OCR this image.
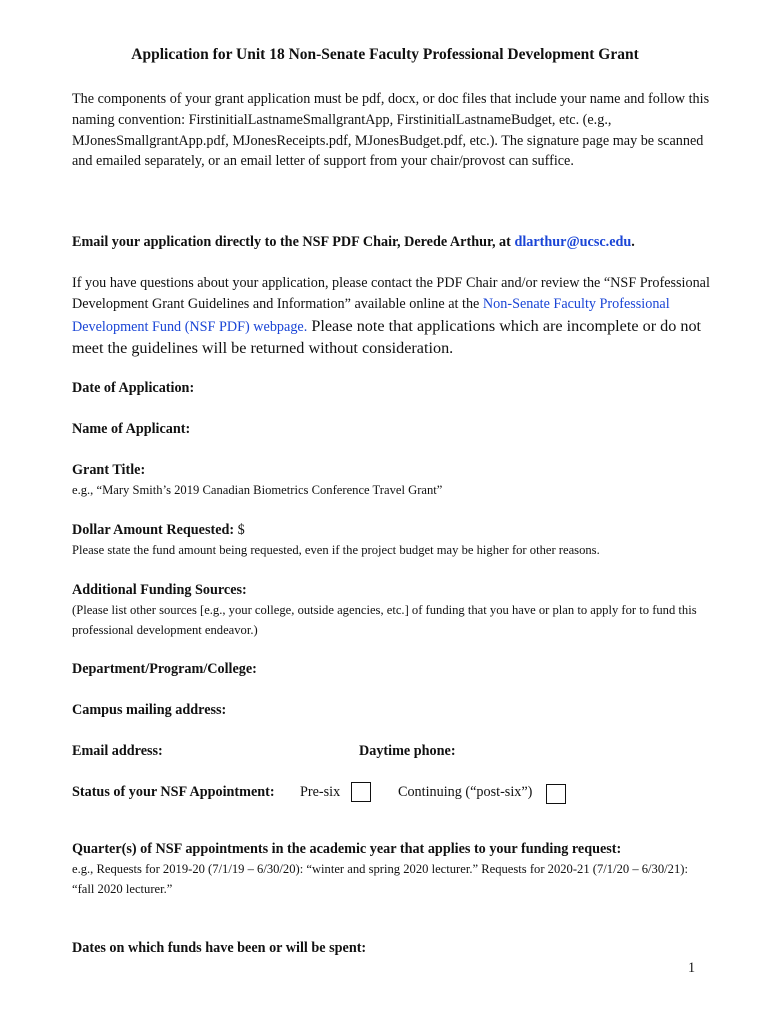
Application for Unit 18 Non-Senate Faculty Professional Development Grant
The components of your grant application must be pdf, docx, or doc files that include your name and follow this naming convention: FirstinitialLastnameSmallgrantApp, FirstinitialLastnameBudget, etc. (e.g., MJonesSmallgrantApp.pdf, MJonesReceipts.pdf, MJonesBudget.pdf, etc.). The signature page may be scanned and emailed separately, or an email letter of support from your chair/provost can suffice.
Email your application directly to the NSF PDF Chair, Derede Arthur, at dlarthur@ucsc.edu.
If you have questions about your application, please contact the PDF Chair and/or review the “NSF Professional Development Grant Guidelines and Information” available online at the Non-Senate Faculty Professional Development Fund (NSF PDF) webpage. Please note that applications which are incomplete or do not meet the guidelines will be returned without consideration.
Date of Application:
Name of Applicant:
Grant Title:
e.g., “Mary Smith’s 2019 Canadian Biometrics Conference Travel Grant”
Dollar Amount Requested: $
Please state the fund amount being requested, even if the project budget may be higher for other reasons.
Additional Funding Sources:
(Please list other sources [e.g., your college, outside agencies, etc.] of funding that you have or plan to apply for to fund this professional development endeavor.)
Department/Program/College:
Campus mailing address:
Email address:	Daytime phone:
Status of your NSF Appointment: Pre-six	Continuing (“post-six”)
Quarter(s) of NSF appointments in the academic year that applies to your funding request:
e.g., Requests for 2019-20 (7/1/19 – 6/30/20): “winter and spring 2020 lecturer.” Requests for 2020-21 (7/1/20 – 6/30/21): “fall 2020 lecturer.”
Dates on which funds have been or will be spent:
1
